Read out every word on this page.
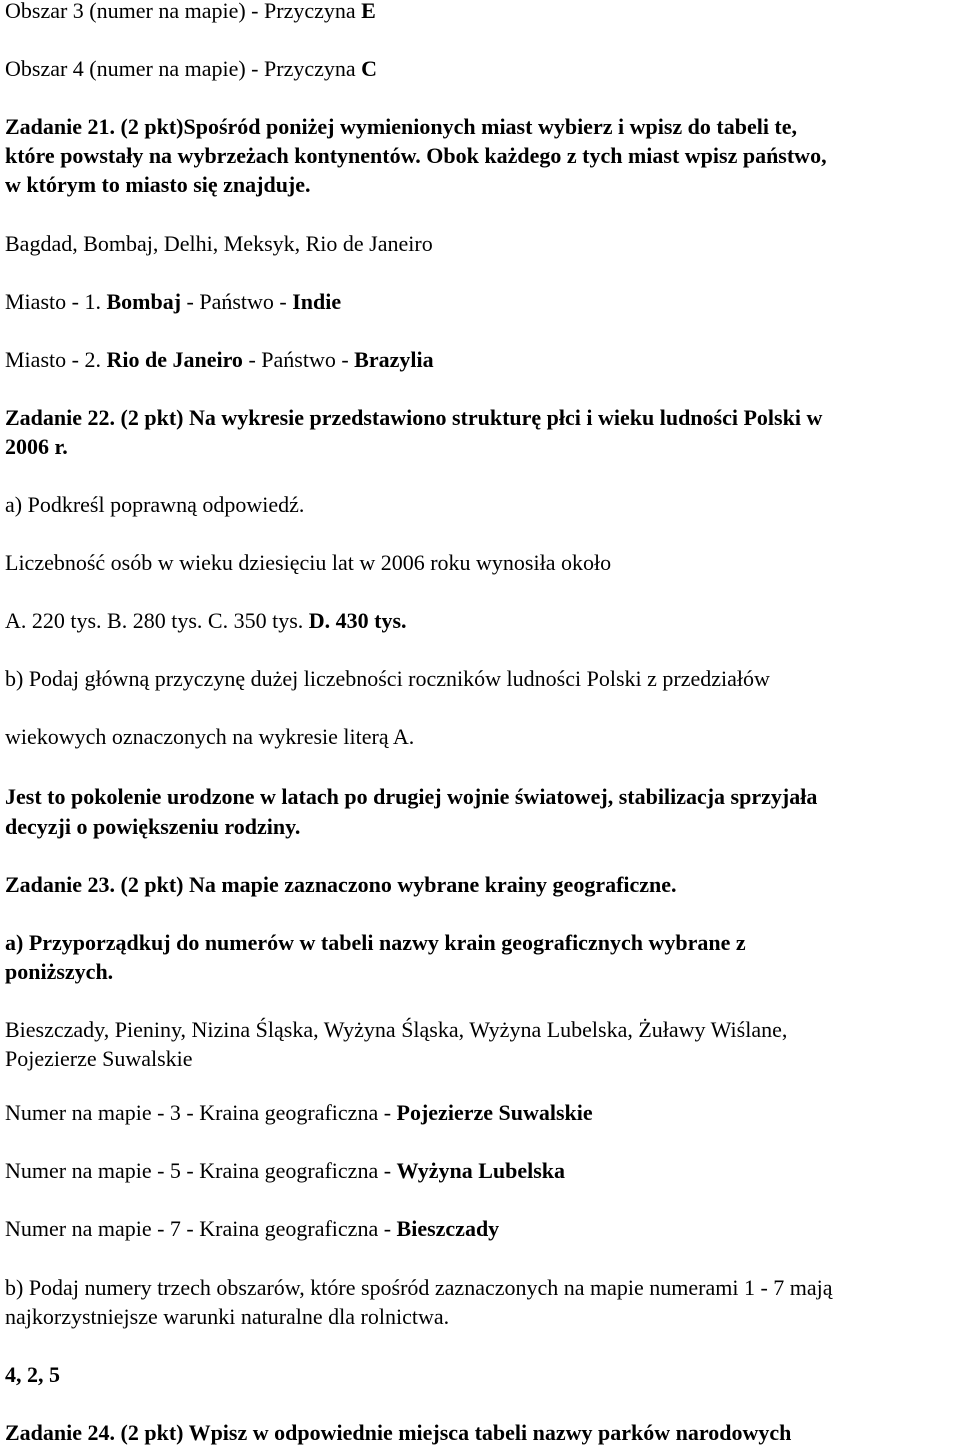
Obszar 3 (numer na mapie) - Przyczyna E
Obszar 4 (numer na mapie) - Przyczyna C
Zadanie 21. (2 pkt)Spośród poniżej wymienionych miast wybierz i wpisz do tabeli te,
które powstały na wybrzeżach kontynentów. Obok każdego z tych miast wpisz państwo,
w którym to miasto się znajduje.
Bagdad, Bombaj, Delhi, Meksyk, Rio de Janeiro
Miasto - 1. Bombaj - Państwo - Indie
Miasto - 2. Rio de Janeiro - Państwo - Brazylia
Zadanie 22. (2 pkt) Na wykresie przedstawiono strukturę płci i wieku ludności Polski w
2006 r.
a) Podkreśl poprawną odpowiedź.
Liczebność osób w wieku dziesięciu lat w 2006 roku wynosiła około
A. 220 tys. B. 280 tys. C. 350 tys. D. 430 tys.
b) Podaj główną przyczynę dużej liczebności roczników ludności Polski z przedziałów
wiekowych oznaczonych na wykresie literą A.
Jest to pokolenie urodzone w latach po drugiej wojnie światowej, stabilizacja sprzyjała
decyzji o powiększeniu rodziny.
Zadanie 23. (2 pkt) Na mapie zaznaczono wybrane krainy geograficzne.
a) Przyporządkuj do numerów w tabeli nazwy krain geograficznych wybrane z
poniższych.
Bieszczady, Pieniny, Nizina Śląska, Wyżyna Śląska, Wyżyna Lubelska, Żuławy Wiślane,
Pojezierze Suwalskie
Numer na mapie - 3 - Kraina geograficzna - Pojezierze Suwalskie
Numer na mapie - 5 - Kraina geograficzna - Wyżyna Lubelska
Numer na mapie - 7 - Kraina geograficzna - Bieszczady
b) Podaj numery trzech obszarów, które spośród zaznaczonych na mapie numerami 1 - 7 mają
najkorzystniejsze warunki naturalne dla rolnictwa.
4, 2, 5
Zadanie 24. (2 pkt) Wpisz w odpowiednie miejsca tabeli nazwy parków narodowych
